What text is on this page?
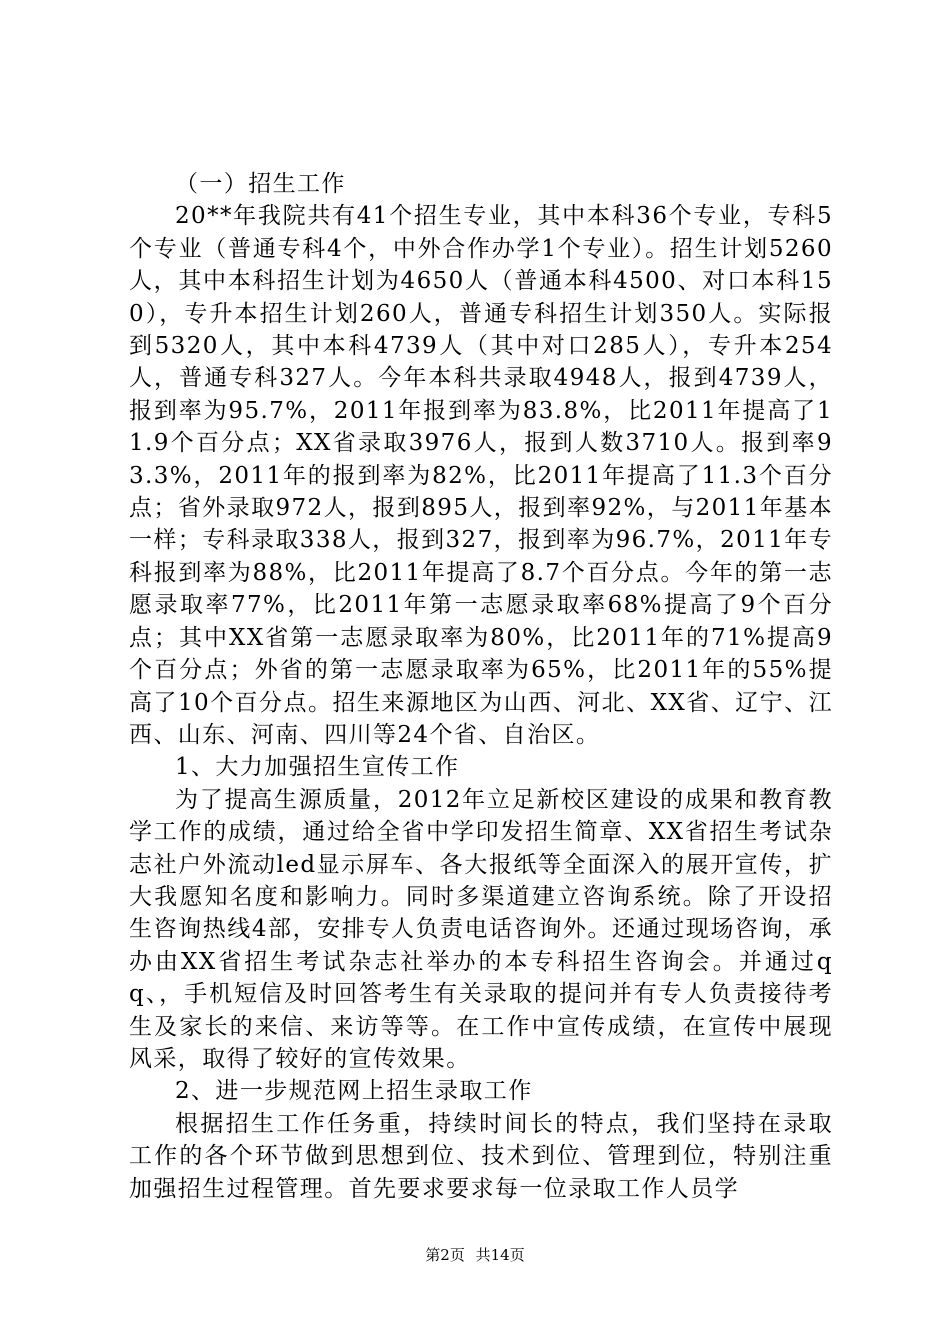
（一）招生工作

20**年我院共有41个招生专业，其中本科36个专业，专科5个专业（普通专科4个，中外合作办学1个专业）。招生计划5260人，其中本科招生计划为4650人（普通本科4500、对口本科150），专升本招生计划260人，普通专科招生计划350人。实际报到5320人，其中本科4739人（其中对口285人），专升本254人，普通专科327人。今年本科共录取4948人，报到4739人，报到率为95.7%，2011年报到率为83.8%，比2011年提高了11.9个百分点；XX省录取3976人，报到人数3710人。报到率93.3%，2011年的报到率为82%，比2011年提高了11.3个百分点；省外录取972人，报到895人，报到率92%，与2011年基本一样；专科录取338人，报到327，报到率为96.7%，2011年专科报到率为88%，比2011年提高了8.7个百分点。今年的第一志愿录取率77%，比2011年第一志愿录取率68%提高了9个百分点；其中XX省第一志愿录取率为80%，比2011年的71%提高9个百分点；外省的第一志愿录取率为65%，比2011年的55%提高了10个百分点。招生来源地区为山西、河北、XX省、辽宁、江西、山东、河南、四川等24个省、自治区。

1、大力加强招生宣传工作

为了提高生源质量，2012年立足新校区建设的成果和教育教学工作的成绩，通过给全省中学印发招生简章、XX省招生考试杂志社户外流动led显示屏车、各大报纸等全面深入的展开宣传，扩大我愿知名度和影响力。同时多渠道建立咨询系统。除了开设招生咨询热线4部，安排专人负责电话咨询外。还通过现场咨询，承办由XX省招生考试杂志社举办的本专科招生咨询会。并通过qq、，手机短信及时回答考生有关录取的提问并有专人负责接待考生及家长的来信、来访等等。在工作中宣传成绩，在宣传中展现风采，取得了较好的宣传效果。

2、进一步规范网上招生录取工作

根据招生工作任务重，持续时间长的特点，我们坚持在录取工作的各个环节做到思想到位、技术到位、管理到位，特别注重加强招生过程管理。首先要求要求每一位录取工作人员学

第2页 共14页
